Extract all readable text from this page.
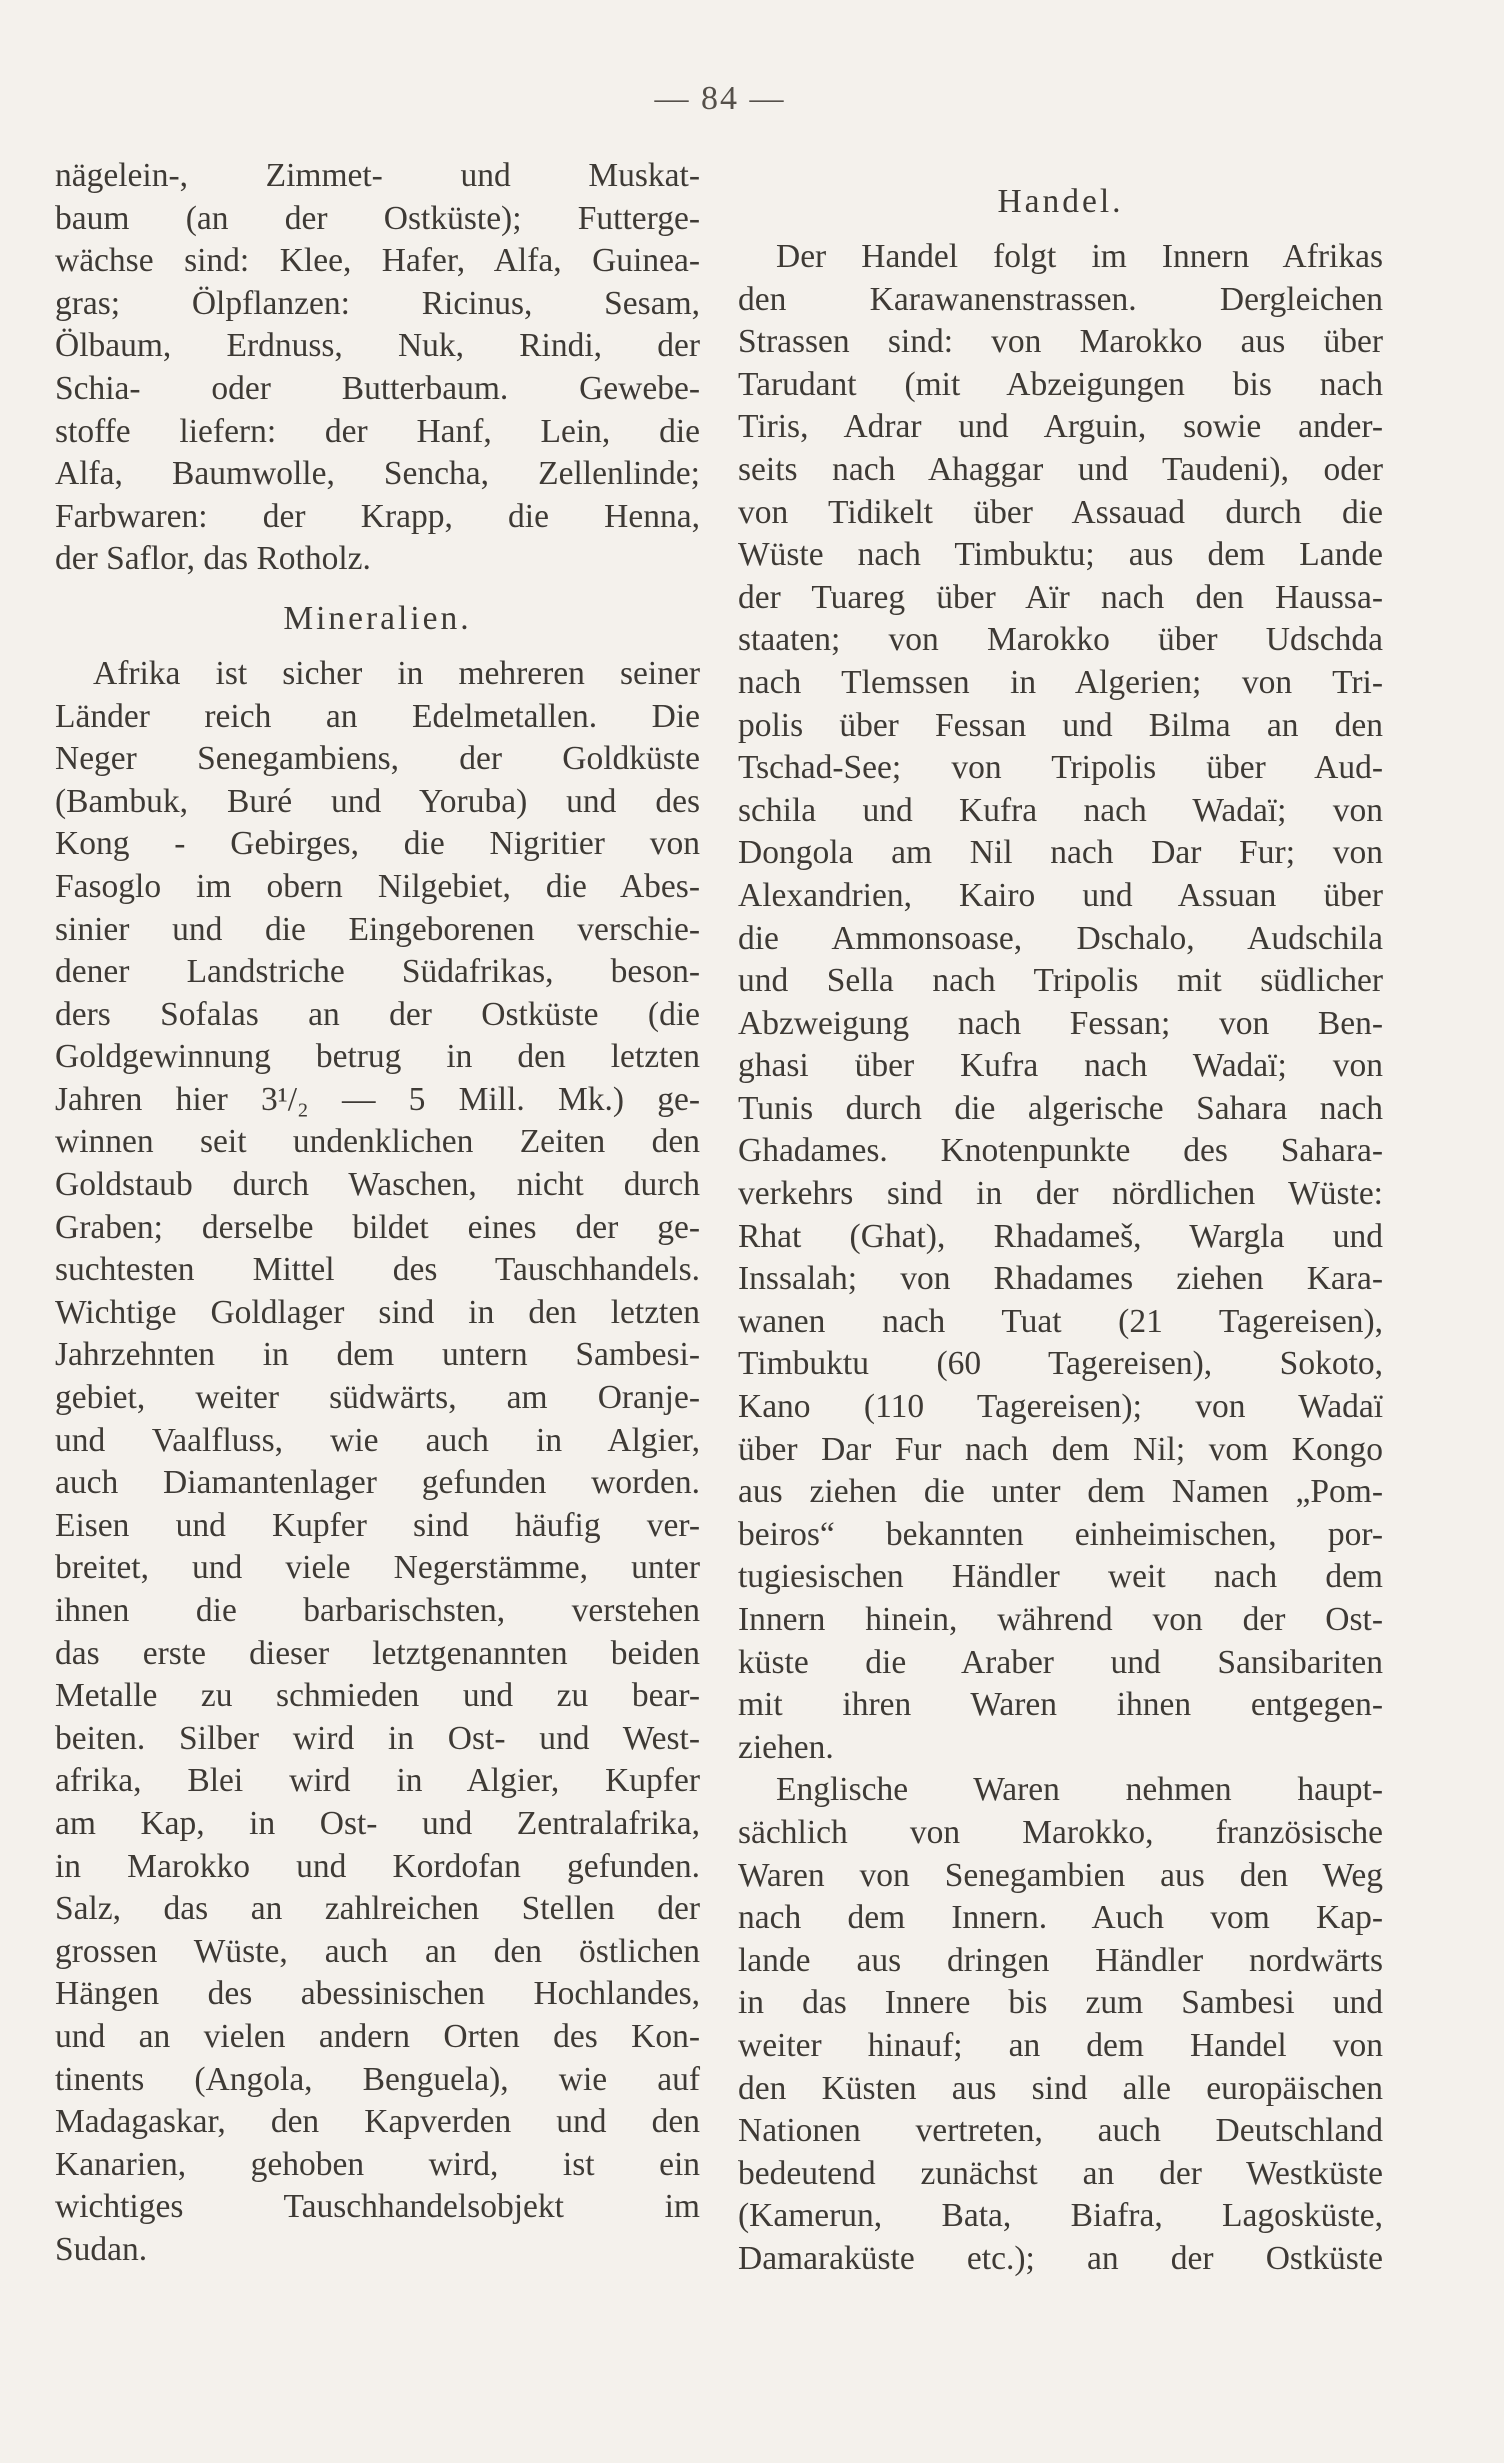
— 84 —
nägelein-, Zimmet- und Muskat-
baum (an der Ostküste); Futterge-
wächse sind: Klee, Hafer, Alfa, Guinea-
gras; Ölpflanzen: Ricinus, Sesam,
Ölbaum, Erdnuss, Nuk, Rindi, der
Schia- oder Butterbaum. Gewebe-
stoffe liefern: der Hanf, Lein, die
Alfa, Baumwolle, Sencha, Zellenlinde;
Farbwaren: der Krapp, die Henna,
der Saflor, das Rotholz.
Mineralien.
Afrika ist sicher in mehreren seiner
Länder reich an Edelmetallen. Die
Neger Senegambiens, der Goldküste
(Bambuk, Buré und Yoruba) und des
Kong - Gebirges, die Nigritier von
Fasoglo im obern Nilgebiet, die Abes-
sinier und die Eingeborenen verschie-
dener Landstriche Südafrikas, beson-
ders Sofalas an der Ostküste (die
Goldgewinnung betrug in den letzten
Jahren hier 3¹/₂ — 5 Mill. Mk.) ge-
winnen seit undenklichen Zeiten den
Goldstaub durch Waschen, nicht durch
Graben; derselbe bildet eines der ge-
suchtesten Mittel des Tauschhandels.
Wichtige Goldlager sind in den letzten
Jahrzehnten in dem untern Sambesi-
gebiet, weiter südwärts, am Oranje-
und Vaalfluss, wie auch in Algier,
auch Diamantenlager gefunden worden.
Eisen und Kupfer sind häufig ver-
breitet, und viele Negerstämme, unter
ihnen die barbarischsten, verstehen
das erste dieser letztgenannten beiden
Metalle zu schmieden und zu bear-
beiten. Silber wird in Ost- und West-
afrika, Blei wird in Algier, Kupfer
am Kap, in Ost- und Zentralafrika,
in Marokko und Kordofan gefunden.
Salz, das an zahlreichen Stellen der
grossen Wüste, auch an den östlichen
Hängen des abessinischen Hochlandes,
und an vielen andern Orten des Kon-
tinents (Angola, Benguela), wie auf
Madagaskar, den Kapverden und den
Kanarien, gehoben wird, ist ein
wichtiges Tauschhandelsobjekt im
Sudan.
Handel.
Der Handel folgt im Innern Afrikas
den Karawanenstrassen. Dergleichen
Strassen sind: von Marokko aus über
Tarudant (mit Abzeigungen bis nach
Tiris, Adrar und Arguin, sowie ander-
seits nach Ahaggar und Taudeni), oder
von Tidikelt über Assauad durch die
Wüste nach Timbuktu; aus dem Lande
der Tuareg über Aïr nach den Haussa-
staaten; von Marokko über Udschda
nach Tlemssen in Algerien; von Tri-
polis über Fessan und Bilma an den
Tschad-See; von Tripolis über Aud-
schila und Kufra nach Wadaï; von
Dongola am Nil nach Dar Fur; von
Alexandrien, Kairo und Assuan über
die Ammonsoase, Dschalo, Audschila
und Sella nach Tripolis mit südlicher
Abzweigung nach Fessan; von Ben-
ghasi über Kufra nach Wadaï; von
Tunis durch die algerische Sahara nach
Ghadames. Knotenpunkte des Sahara-
verkehrs sind in der nördlichen Wüste:
Rhat (Ghat), Rhadameš, Wargla und
Inssalah; von Rhadames ziehen Kara-
wanen nach Tuat (21 Tagereisen),
Timbuktu (60 Tagereisen), Sokoto,
Kano (110 Tagereisen); von Wadaï
über Dar Fur nach dem Nil; vom Kongo
aus ziehen die unter dem Namen „Pom-
beiros“ bekannten einheimischen, por-
tugiesischen Händler weit nach dem
Innern hinein, während von der Ost-
küste die Araber und Sansibariten
mit ihren Waren ihnen entgegen-
ziehen.
Englische Waren nehmen haupt-
sächlich von Marokko, französische
Waren von Senegambien aus den Weg
nach dem Innern. Auch vom Kap-
lande aus dringen Händler nordwärts
in das Innere bis zum Sambesi und
weiter hinauf; an dem Handel von
den Küsten aus sind alle europäischen
Nationen vertreten, auch Deutschland
bedeutend zunächst an der Westküste
(Kamerun, Bata, Biafra, Lagosküste,
Damaraküste etc.); an der Ostküste
